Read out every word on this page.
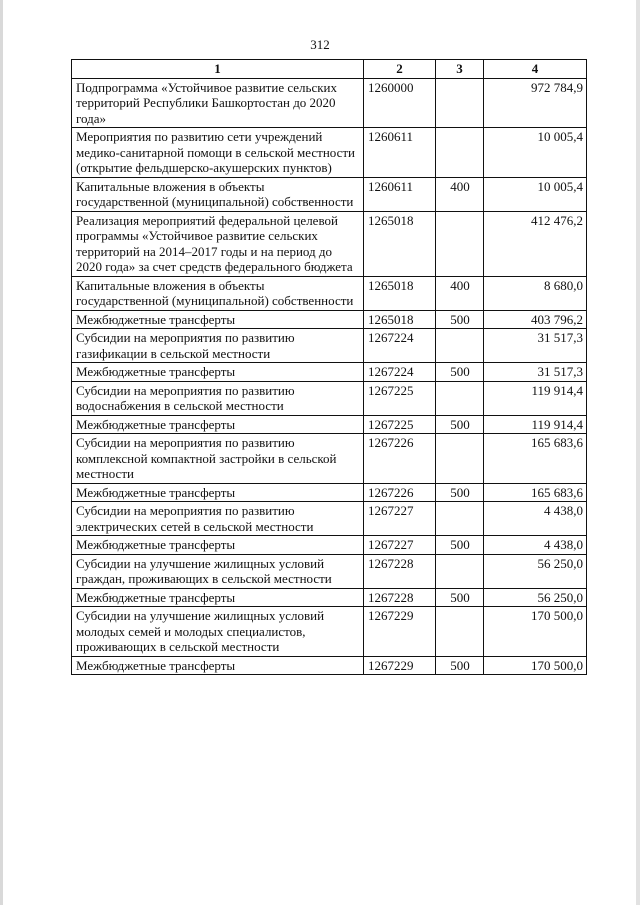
312
1	2	3	4
Подпрограмма «Устойчивое развитие сельских территорий Республики Башкортостан до 2020 года»	1260000		972 784,9
Мероприятия по развитию сети учреждений медико-санитарной помощи в сельской местности (открытие фельдшерско-акушерских пунктов)	1260611		10 005,4
Капитальные вложения в объекты государственной (муниципальной) собственности	1260611	400	10 005,4
Реализация мероприятий федеральной целевой программы «Устойчивое развитие сельских территорий на 2014–2017 годы и на период до 2020 года» за счет средств федерального бюджета	1265018		412 476,2
Капитальные вложения в объекты государственной (муниципальной) собственности	1265018	400	8 680,0
Межбюджетные трансферты	1265018	500	403 796,2
Субсидии на мероприятия по развитию газификации в сельской местности	1267224		31 517,3
Межбюджетные трансферты	1267224	500	31 517,3
Субсидии на мероприятия по развитию водоснабжения в сельской местности	1267225		119 914,4
Межбюджетные трансферты	1267225	500	119 914,4
Субсидии на мероприятия по развитию комплексной компактной застройки в сельской местности	1267226		165 683,6
Межбюджетные трансферты	1267226	500	165 683,6
Субсидии на мероприятия по развитию электрических сетей в сельской местности	1267227		4 438,0
Межбюджетные трансферты	1267227	500	4 438,0
Субсидии на улучшение жилищных условий граждан, проживающих в сельской местности	1267228		56 250,0
Межбюджетные трансферты	1267228	500	56 250,0
Субсидии на улучшение жилищных условий молодых семей и молодых специалистов, проживающих в сельской местности	1267229		170 500,0
Межбюджетные трансферты	1267229	500	170 500,0
